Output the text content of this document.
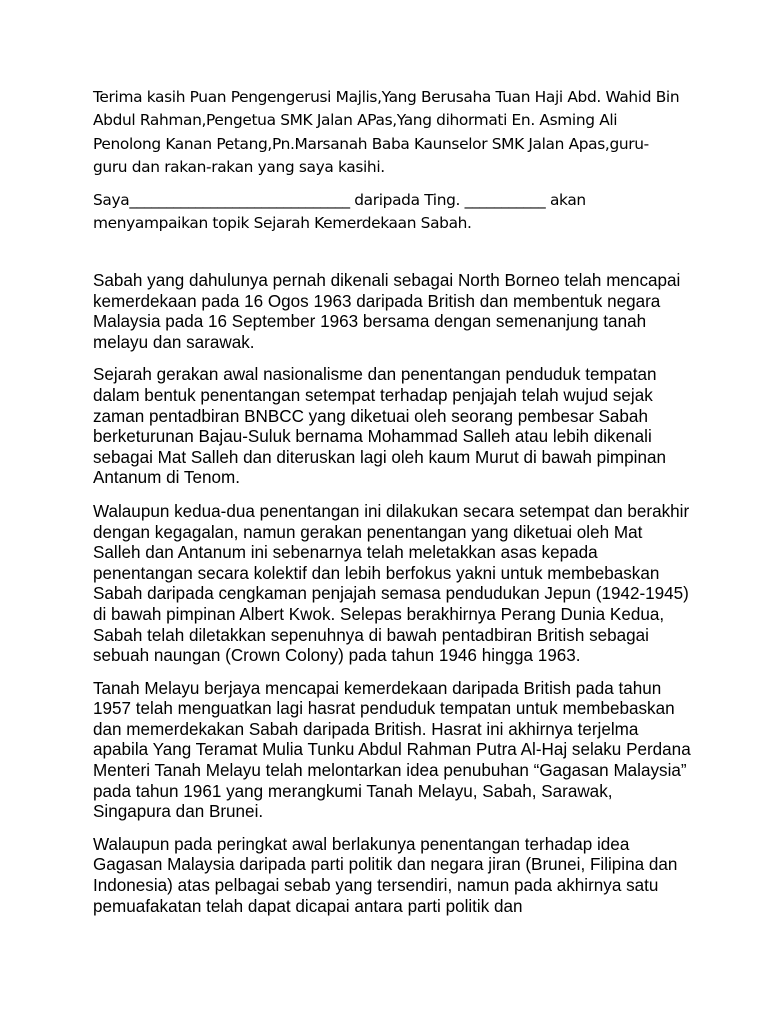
Terima kasih Puan Pengengerusi Majlis,Yang Berusaha Tuan Haji Abd. Wahid Bin Abdul Rahman,Pengetua SMK Jalan APas,Yang dihormati En. Asming Ali Penolong Kanan Petang,Pn.Marsanah Baba Kaunselor SMK Jalan Apas,guru-guru dan rakan-rakan yang saya kasihi.

Saya______________________________ daripada Ting. ___________ akan menyampaikan topik Sejarah Kemerdekaan Sabah.

Sabah yang dahulunya pernah dikenali sebagai North Borneo telah mencapai kemerdekaan pada 16 Ogos 1963 daripada British dan membentuk negara Malaysia pada 16 September 1963 bersama dengan semenanjung tanah melayu dan sarawak.

Sejarah gerakan awal nasionalisme dan penentangan penduduk tempatan dalam bentuk penentangan setempat terhadap penjajah telah wujud sejak zaman pentadbiran BNBCC yang diketuai oleh seorang pembesar Sabah berketurunan Bajau-Suluk bernama Mohammad Salleh atau lebih dikenali sebagai Mat Salleh dan diteruskan lagi oleh kaum Murut di bawah pimpinan Antanum di Tenom.

Walaupun kedua-dua penentangan ini dilakukan secara setempat dan berakhir dengan kegagalan, namun gerakan penentangan yang diketuai oleh Mat Salleh dan Antanum ini sebenarnya telah meletakkan asas kepada penentangan secara kolektif dan lebih berfokus yakni untuk membebaskan Sabah daripada cengkaman penjajah semasa pendudukan Jepun (1942-1945) di bawah pimpinan Albert Kwok. Selepas berakhirnya Perang Dunia Kedua, Sabah telah diletakkan sepenuhnya di bawah pentadbiran British sebagai sebuah naungan (Crown Colony) pada tahun 1946 hingga 1963.

Tanah Melayu berjaya mencapai kemerdekaan daripada British pada tahun 1957 telah menguatkan lagi hasrat penduduk tempatan untuk membebaskan dan memerdekakan Sabah daripada British. Hasrat ini akhirnya terjelma apabila Yang Teramat Mulia Tunku Abdul Rahman Putra Al-Haj selaku Perdana Menteri Tanah Melayu telah melontarkan idea penubuhan “Gagasan Malaysia” pada tahun 1961 yang merangkumi Tanah Melayu, Sabah, Sarawak, Singapura dan Brunei.

Walaupun pada peringkat awal berlakunya penentangan terhadap idea Gagasan Malaysia daripada parti politik dan negara jiran (Brunei, Filipina dan Indonesia) atas pelbagai sebab yang tersendiri, namun pada akhirnya satu pemuafakatan telah dapat dicapai antara parti politik dan
